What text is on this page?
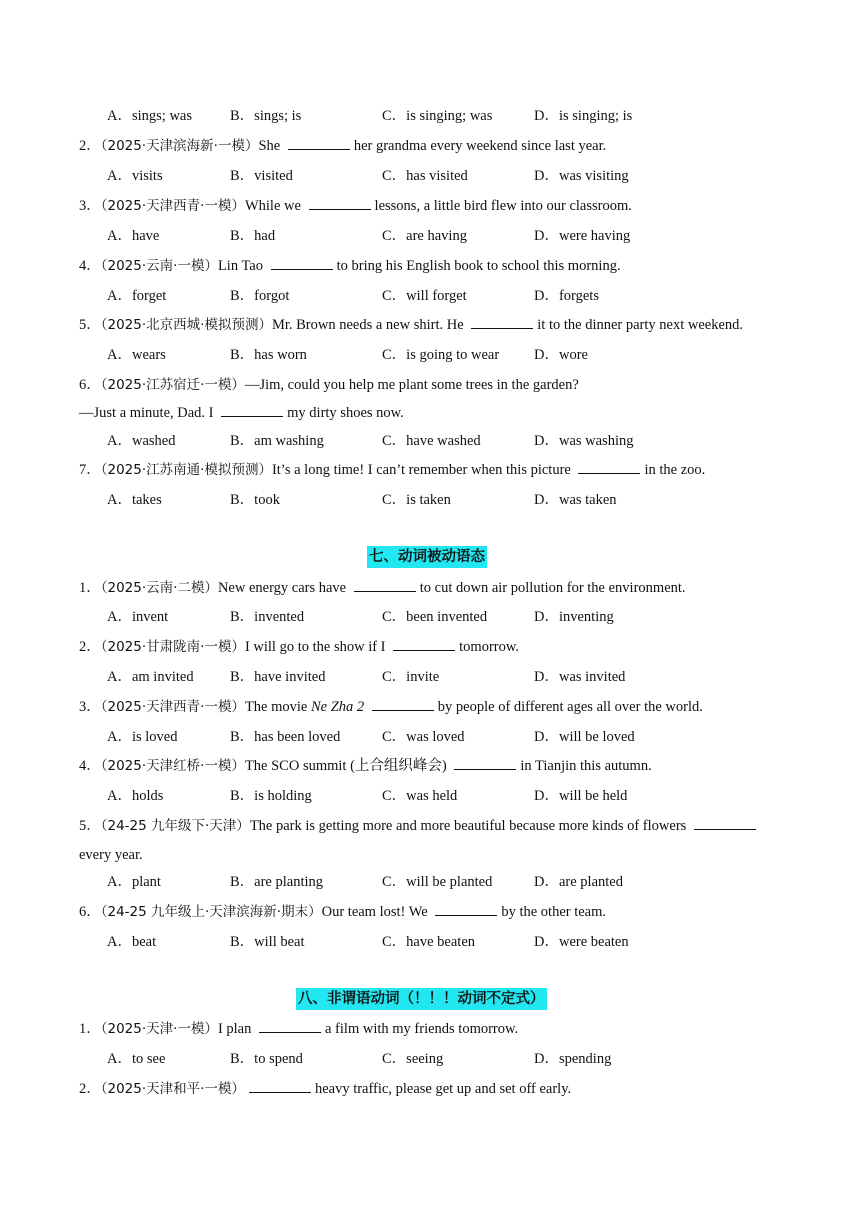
A．sings; was	B．sings; is	C．is singing; was	D．is singing; is
2．（2025·天津滨海新·一模）She	her grandma every weekend since last year.
A．visits	B．visited	C．has visited	D．was visiting
3．（2025·天津西青·一模）While we	lessons, a little bird flew into our classroom.
A．have	B．had	C．are having	D．were having
4．（2025·云南·一模）Lin Tao	to bring his English book to school this morning.
A．forget	B．forgot	C．will forget	D．forgets
5．（2025·北京西城·模拟预测）Mr. Brown needs a new shirt. He	it to the dinner party next weekend.
A．wears	B．has worn	C．is going to wear D．wore
6．（2025·江苏宿迁·一模）—Jim, could you help me plant some trees in the garden?
—Just a minute, Dad. I	my dirty shoes now.
A．washed	B．am washing	C．have washed	D．was washing
7．（2025·江苏南通·模拟预测）It’s a long time! I can’t remember when this picture	in the zoo.
A．takes	B．took	C．is taken	D．was taken
七、动词被动语态
1．（2025·云南·二模）New energy cars have	to cut down air pollution for the environment.
A．invent	B．invented	C．been invented	D．inventing
2．（2025·甘肃陇南·一模）I will go to the show if I	tomorrow.
A．am invited	B．have invited	C．invite	D．was invited
3．（2025·天津西青·一模）The movie Ne Zha 2	by people of different ages all over the world.
A．is loved	B．has been loved	C．was loved	D．will be loved
4．（2025·天津红桥·一模）The SCO summit (上合组织峰会)	in Tianjin this autumn.
A．holds	B．is holding	C．was held	D．will be held
5．（24-25 九年级下·天津）The park is getting more and more beautiful because more kinds of flowers
every year.
A．plant	B．are planting	C．will be planted	D．are planted
6．（24-25 九年级上·天津滨海新·期末）Our team lost! We	by the other team.
A．beat	B．will beat	C．have beaten	D．were beaten
八、非谓语动词（！！！动词不定式）
1．（2025·天津·一模）I plan	a film with my friends tomorrow.
A．to see	B．to spend	C．seeing	D．spending
2．（2025·天津和平·一模）	heavy traffic, please get up and set off early.
